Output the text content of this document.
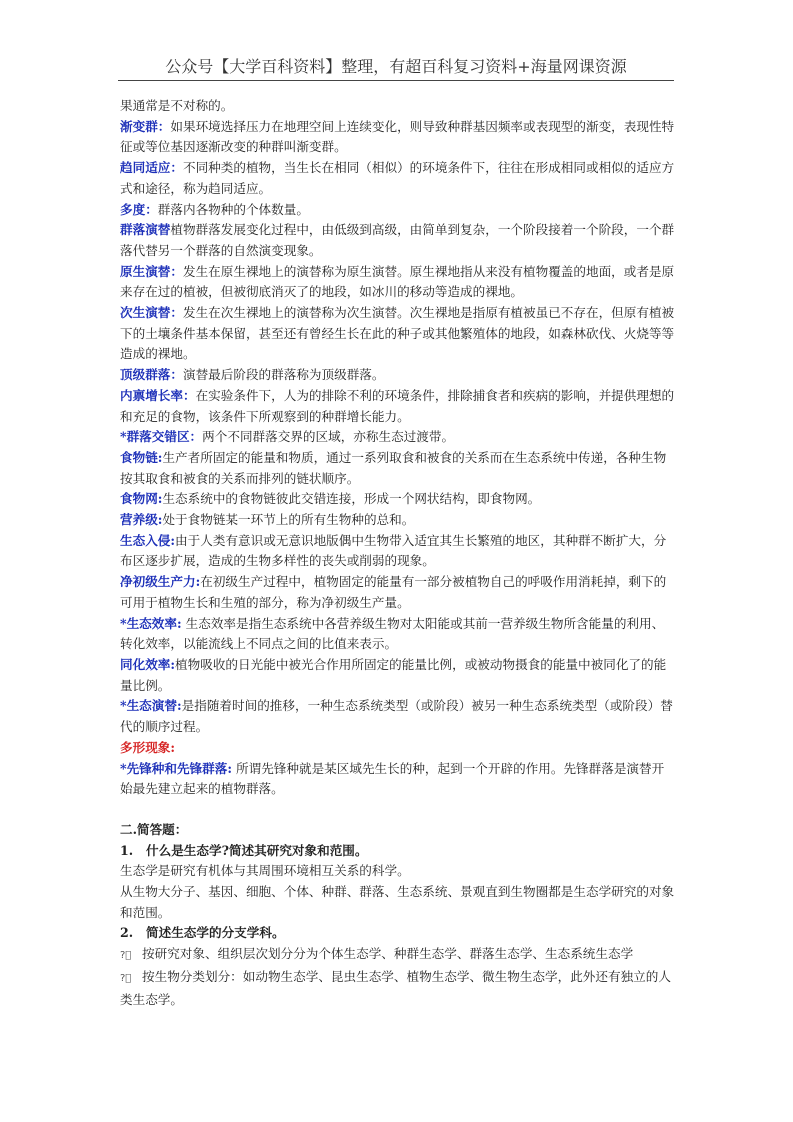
公众号【大学百科资料】整理，有超百科复习资料+海量网课资源

果通常是不对称的。

渐变群：如果环境选择压力在地理空间上连续变化，则导致种群基因频率或表现型的渐变，表现性特征或等位基因逐渐改变的种群叫渐变群。

趋同适应：不同种类的植物，当生长在相同（相似）的环境条件下，往往在形成相同或相似的适应方式和途径，称为趋同适应。

多度：群落内各物种的个体数量。

群落演替植物群落发展变化过程中，由低级到高级，由简单到复杂，一个阶段接着一个阶段，一个群落代替另一个群落的自然演变现象。

原生演替：发生在原生裸地上的演替称为原生演替。原生裸地指从来没有植物覆盖的地面，或者是原来存在过的植被，但被彻底消灭了的地段，如冰川的移动等造成的裸地。

次生演替：发生在次生裸地上的演替称为次生演替。次生裸地是指原有植被虽已不存在，但原有植被下的土壤条件基本保留，甚至还有曾经生长在此的种子或其他繁殖体的地段，如森林砍伐、火烧等等造成的裸地。

顶级群落：演替最后阶段的群落称为顶级群落。

内禀增长率：在实验条件下，人为的排除不利的环境条件，排除捕食者和疾病的影响，并提供理想的和充足的食物，该条件下所观察到的种群增长能力。

*群落交错区：两个不同群落交界的区域，亦称生态过渡带。

食物链:生产者所固定的能量和物质，通过一系列取食和被食的关系而在生态系统中传递，各种生物按其取食和被食的关系而排列的链状顺序。

食物网:生态系统中的食物链彼此交错连接，形成一个网状结构，即食物网。

营养级:处于食物链某一环节上的所有生物种的总和。

生态入侵:由于人类有意识或无意识地版偶中生物带入适宜其生长繁殖的地区，其种群不断扩大，分布区逐步扩展，造成的生物多样性的丧失或削弱的现象。

净初级生产力:在初级生产过程中，植物固定的能量有一部分被植物自己的呼吸作用消耗掉，剩下的可用于植物生长和生殖的部分，称为净初级生产量。

*生态效率: 生态效率是指生态系统中各营养级生物对太阳能或其前一营养级生物所含能量的利用、转化效率，以能流线上不同点之间的比值来表示。

同化效率:植物吸收的日光能中被光合作用所固定的能量比例，或被动物摄食的能量中被同化了的能量比例。

*生态演替:是指随着时间的推移，一种生态系统类型（或阶段）被另一种生态系统类型（或阶段）替代的顺序过程。

多形现象:

*先锋种和先锋群落: 所谓先锋种就是某区域先生长的种，起到一个开辟的作用。先锋群落是演替开始最先建立起来的植物群落。

二.简答题：

1. 什么是生态学?简述其研究对象和范围。

生态学是研究有机体与其周围环境相互关系的科学。

从生物大分子、基因、细胞、个体、种群、群落、生态系统、景观直到生物圈都是生态学研究的对象和范围。

2. 简述生态学的分支学科。

?⃞ 按研究对象、组织层次划分分为个体生态学、种群生态学、群落生态学、生态系统生态学

?⃞ 按生物分类划分：如动物生态学、昆虫生态学、植物生态学、微生物生态学，此外还有独立的人类生态学。
